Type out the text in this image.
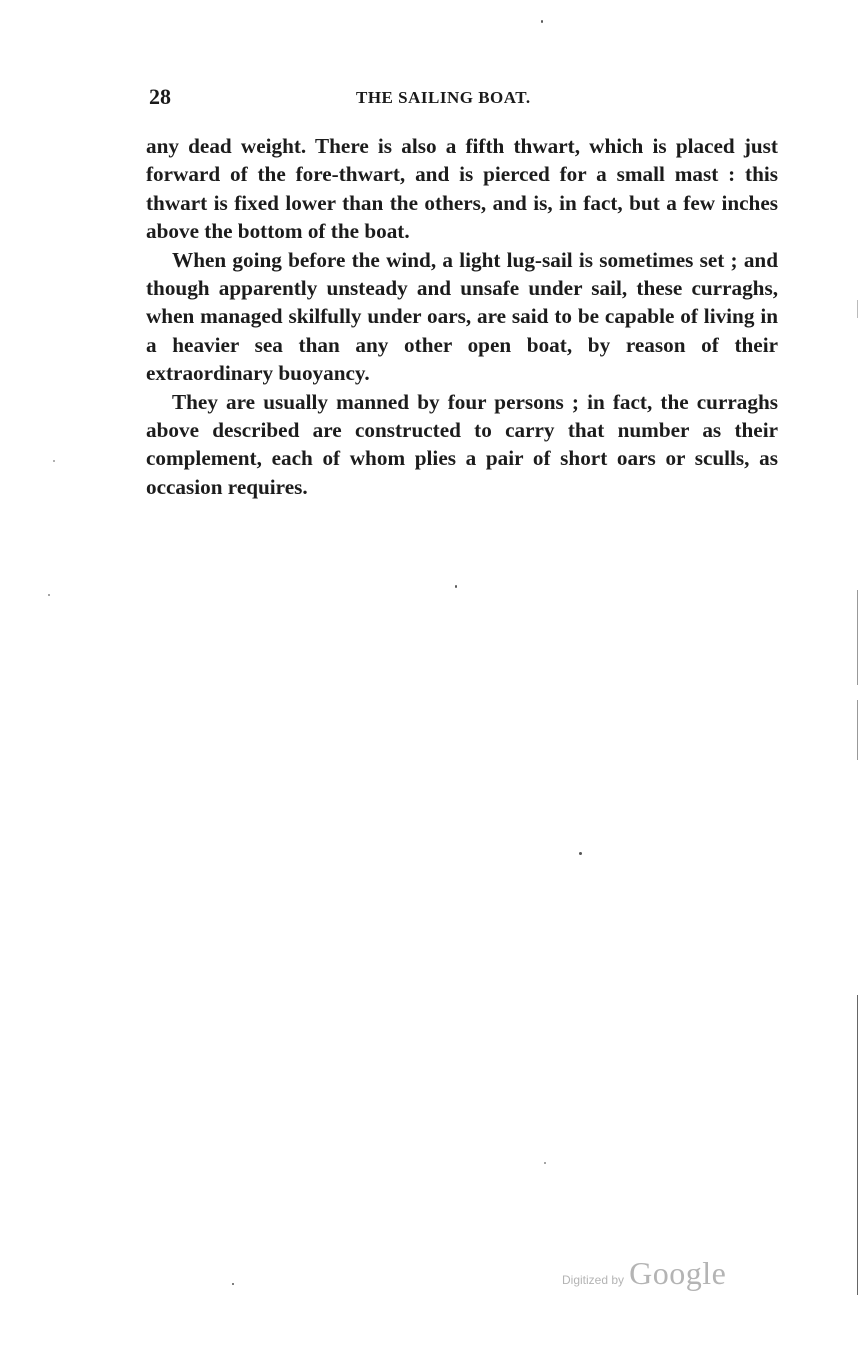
28	THE SAILING BOAT.

any dead weight. There is also a fifth thwart, which is placed just forward of the fore-thwart, and is pierced for a small mast : this thwart is fixed lower than the others, and is, in fact, but a few inches above the bottom of the boat.

When going before the wind, a light lug-sail is sometimes set ; and though apparently unsteady and unsafe under sail, these curraghs, when managed skilfully under oars, are said to be capable of living in a heavier sea than any other open boat, by reason of their extraordinary buoyancy.

They are usually manned by four persons ; in fact, the curraghs above described are constructed to carry that number as their complement, each of whom plies a pair of short oars or sculls, as occasion requires.

Digitized by Google
